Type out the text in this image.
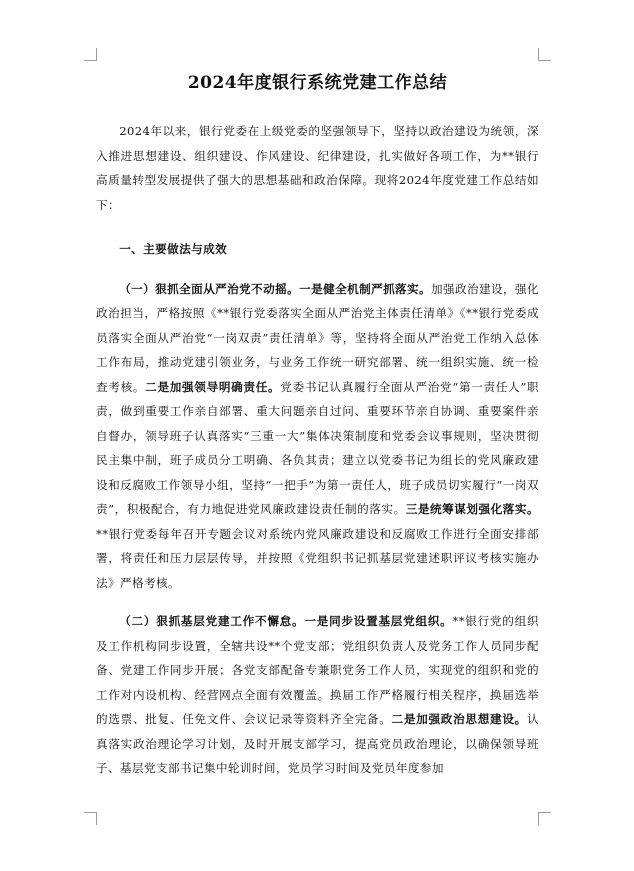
2024年度银行系统党建工作总结

2024年以来，银行党委在上级党委的坚强领导下，坚持以政治建设为统领，深入推进思想建设、组织建设、作风建设、纪律建设，扎实做好各项工作，为**银行高质量转型发展提供了强大的思想基础和政治保障。现将2024年度党建工作总结如下：

一、主要做法与成效

（一）狠抓全面从严治党不动摇。一是健全机制严抓落实。加强政治建设，强化政治担当，严格按照《**银行党委落实全面从严治党主体责任清单》《**银行党委成员落实全面从严治党“一岗双责”责任清单》等，坚持将全面从严治党工作纳入总体工作布局，推动党建引领业务，与业务工作统一研究部署、统一组织实施、统一检查考核。二是加强领导明确责任。党委书记认真履行全面从严治党“第一责任人”职责，做到重要工作亲自部署、重大问题亲自过问、重要环节亲自协调、重要案件亲自督办，领导班子认真落实“三重一大”集体决策制度和党委会议事规则，坚决贯彻民主集中制，班子成员分工明确、各负其责；建立以党委书记为组长的党风廉政建设和反腐败工作领导小组，坚持“一把手”为第一责任人，班子成员切实履行“一岗双责”，积极配合，有力地促进党风廉政建设责任制的落实。三是统筹谋划强化落实。**银行党委每年召开专题会议对系统内党风廉政建设和反腐败工作进行全面安排部署，将责任和压力层层传导，并按照《党组织书记抓基层党建述职评议考核实施办法》严格考核。

（二）狠抓基层党建工作不懈怠。一是同步设置基层党组织。**银行党的组织及工作机构同步设置，全辖共设**个党支部；党组织负责人及党务工作人员同步配备、党建工作同步开展；各党支部配备专兼职党务工作人员，实现党的组织和党的工作对内设机构、经营网点全面有效覆盖。换届工作严格履行相关程序，换届选举的选票、批复、任免文件、会议记录等资料齐全完备。二是加强政治思想建设。认真落实政治理论学习计划，及时开展支部学习，提高党员政治理论，以确保领导班子、基层党支部书记集中轮训时间，党员学习时间及党员年度参加
